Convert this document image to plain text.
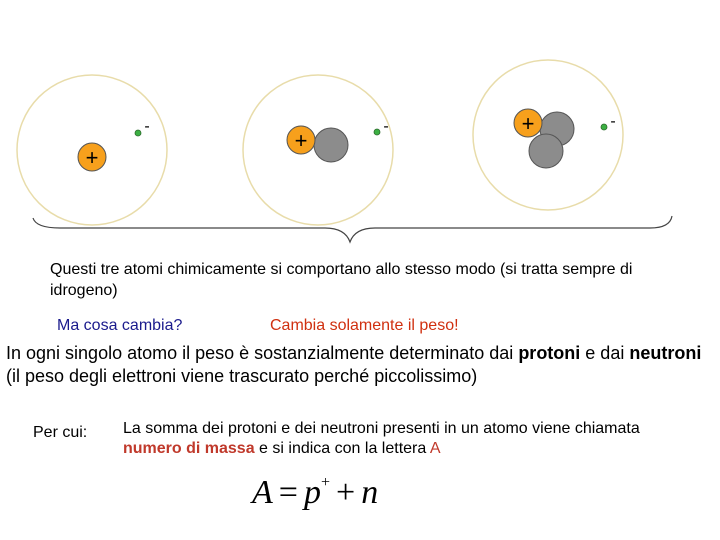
+
-
+
-	+	-

Questi tre atomi chimicamente si comportano allo stesso modo (si tratta sempre di idrogeno)

Ma cosa cambia?	Cambia solamente il peso!

In ogni singolo atomo il peso è sostanzialmente determinato dai protoni e dai neutroni (il peso degli elettroni viene trascurato perché piccolissimo)

Per cui: La somma dei protoni e dei neutroni presenti in un atomo viene chiamata numero di massa e si indica con la lettera A

A = p+ + n
